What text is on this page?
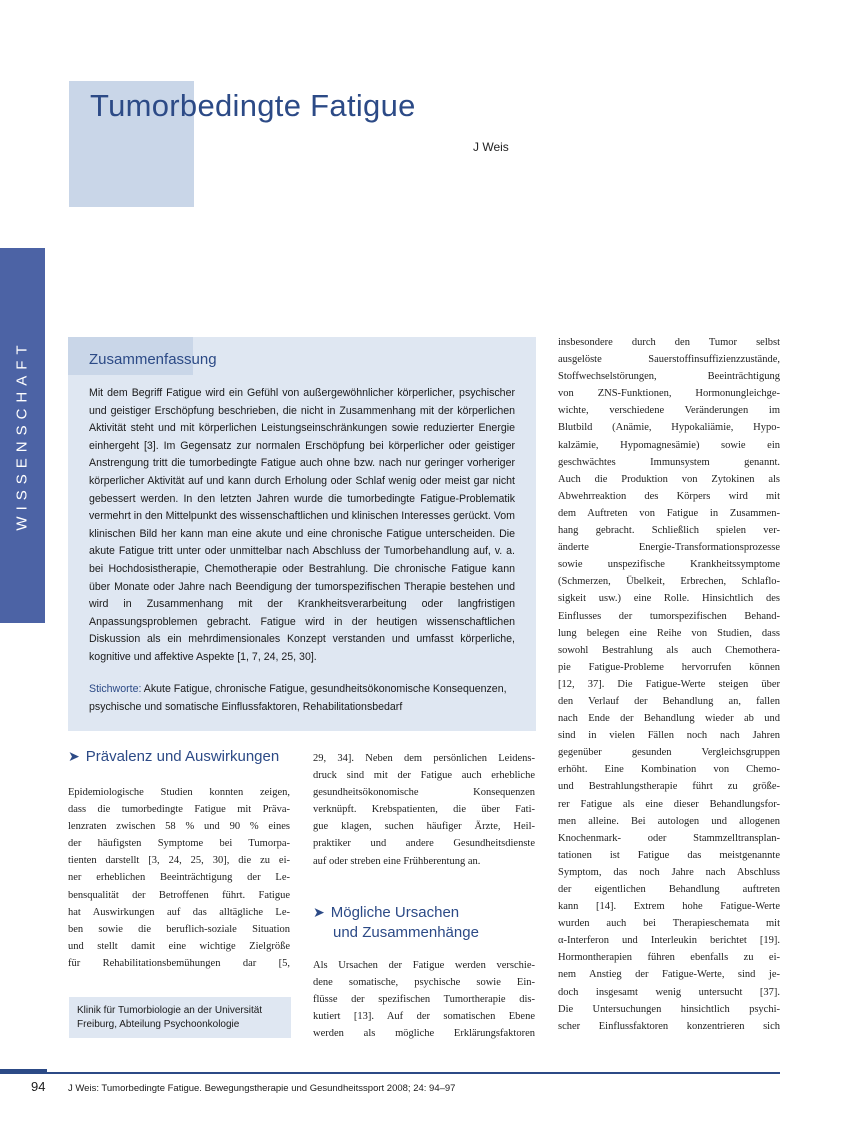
Tumorbedingte Fatigue
J Weis
WISSENSCHAFT	Zusammenfassung

Mit dem Begriff Fatigue wird ein Gefühl von außergewöhnlicher körperlicher, psychischer und geistiger Erschöpfung beschrieben, die nicht in Zusammenhang mit der körperlichen Aktivität steht und mit körperlichen Leistungseinschränkungen sowie reduzierter Energie einhergeht [3]. Im Gegensatz zur normalen Erschöpfung bei körperlicher oder geistiger Anstrengung tritt die tumorbedingte Fatigue auch ohne bzw. nach nur geringer vorheriger körperlicher Aktivität auf und kann durch Erholung oder Schlaf wenig oder meist gar nicht gebessert werden. In den letzten Jahren wurde die tumorbedingte Fatigue-Problematik vermehrt in den Mittelpunkt des wissenschaftlichen und klinischen Interesses gerückt. Vom klinischen Bild her kann man eine akute und eine chronische Fatigue unterscheiden. Die akute Fatigue tritt unter oder unmittelbar nach Abschluss der Tumorbehandlung auf, v. a. bei Hochdosistherapie, Chemotherapie oder Bestrahlung. Die chronische Fatigue kann über Monate oder Jahre nach Beendigung der tumorspezifischen Therapie bestehen und wird in Zusammenhang mit der Krankheitsverarbeitung oder langfristigen Anpassungsproblemen gebracht. Fatigue wird in der heutigen wissenschaftlichen Diskussion als ein mehrdimensionales Konzept verstanden und umfasst körperliche, kognitive und affektive Aspekte [1, 7, 24, 25, 30].

Stichworte: Akute Fatigue, chronische Fatigue, gesundheitsökonomische Konsequenzen, psychische und somatische Einflussfaktoren, Rehabilitationsbedarf

➤ Prävalenz und Auswirkungen
➤ Mögliche Ursachen
und Zusammenhänge
Epidemiologische Studien konnten zeigen,
dass die tumorbedingte Fatigue mit Präva-
lenzraten zwischen 58 % und 90 % eines
der häufigsten Symptome bei Tumorpa-
tienten darstellt [3, 24, 25, 30], die zu ei-
ner erheblichen Beeinträchtigung der Le-
bensqualität der Betroffenen führt. Fatigue
hat Auswirkungen auf das alltägliche Le-
ben sowie die beruflich-soziale Situation
und stellt damit eine wichtige Zielgröße
für Rehabilitationsbemühungen dar [5,
29, 34]. Neben dem persönlichen Leidens-
druck sind mit der Fatigue auch erhebliche
gesundheitsökonomische Konsequenzen
verknüpft. Krebspatienten, die über Fati-
gue klagen, suchen häufiger Ärzte, Heil-
praktiker und andere Gesundheitsdienste
auf oder streben eine Frühberentung an.
Als Ursachen der Fatigue werden verschie-
dene somatische, psychische sowie Ein-
flüsse der spezifischen Tumortherapie dis-
kutiert [13]. Auf der somatischen Ebene
werden als mögliche Erklärungsfaktoren
insbesondere durch den Tumor selbst
ausgelöste Sauerstoffinsuffizienzzustände,
Stoffwechselstörungen, Beeinträchtigung
von ZNS-Funktionen, Hormonungleichge-
wichte, verschiedene Veränderungen im
Blutbild (Anämie, Hypokaliämie, Hypo-
kalzämie, Hypomagnesämie) sowie ein
geschwächtes Immunsystem genannt.
Auch die Produktion von Zytokinen als
Abwehrreaktion des Körpers wird mit
dem Auftreten von Fatigue in Zusammen-
hang gebracht. Schließlich spielen ver-
änderte Energie-Transformationsprozesse
sowie unspezifische Krankheitssymptome
(Schmerzen, Übelkeit, Erbrechen, Schlaflo-
sigkeit usw.) eine Rolle. Hinsichtlich des
Einflusses der tumorspezifischen Behand-
lung belegen eine Reihe von Studien, dass
sowohl Bestrahlung als auch Chemothera-
pie Fatigue-Probleme hervorrufen können
[12, 37]. Die Fatigue-Werte steigen über
den Verlauf der Behandlung an, fallen
nach Ende der Behandlung wieder ab und
sind in vielen Fällen noch nach Jahren
gegenüber gesunden Vergleichsgruppen
erhöht. Eine Kombination von Chemo-
und Bestrahlungstherapie führt zu größe-
rer Fatigue als eine dieser Behandlungsfor-
men alleine. Bei autologen und allogenen
Knochenmark- oder Stammzelltransplan-
tationen ist Fatigue das meistgenannte
Symptom, das noch Jahre nach Abschluss
der eigentlichen Behandlung auftreten
kann [14]. Extrem hohe Fatigue-Werte
wurden auch bei Therapieschemata mit
α-Interferon und Interleukin berichtet [19].
Hormontherapien führen ebenfalls zu ei-
nem Anstieg der Fatigue-Werte, sind je-
doch insgesamt wenig untersucht [37].
Die Untersuchungen hinsichtlich psychi-
scher Einflussfaktoren konzentrieren sich
Klinik für Tumorbiologie an der Universität
Freiburg, Abteilung Psychoonkologie
94 J Weis: Tumorbedingte Fatigue. Bewegungstherapie und Gesundheitssport 2008; 24: 94–97
